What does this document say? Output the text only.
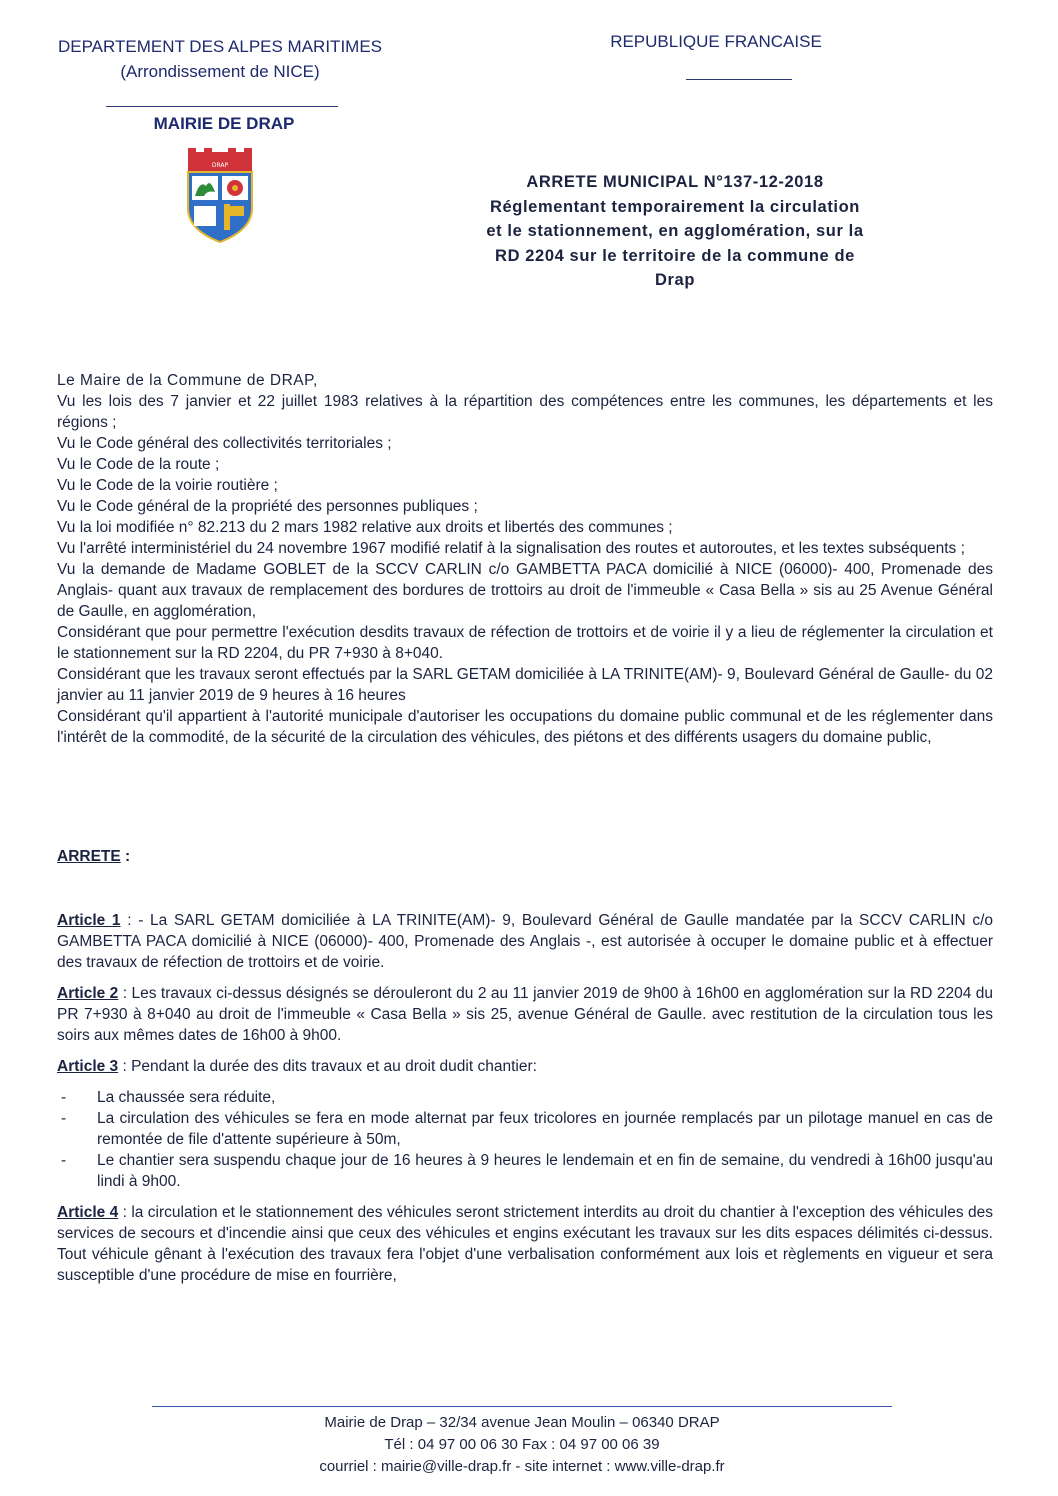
DEPARTEMENT DES ALPES MARITIMES
(Arrondissement de NICE)
MAIRIE DE DRAP
DRAP
REPUBLIQUE FRANCAISE
ARRETE MUNICIPAL N°137-12-2018
Réglementant temporairement la circulation
et le stationnement, en agglomération, sur la
RD 2204 sur le territoire de la commune de
Drap

Le Maire de la Commune de DRAP,

Vu les lois des 7 janvier et 22 juillet 1983 relatives à la répartition des compétences entre les communes, les départements et les régions ;

Vu le Code général des collectivités territoriales ;

Vu le Code de la route ;

Vu le Code de la voirie routière ;

Vu le Code général de la propriété des personnes publiques ;

Vu la loi modifiée n° 82.213 du 2 mars 1982 relative aux droits et libertés des communes ;

Vu l'arrêté interministériel du 24 novembre 1967 modifié relatif à la signalisation des routes et autoroutes, et les textes subséquents ;

Vu la demande de Madame GOBLET de la SCCV CARLIN c/o GAMBETTA PACA domicilié à NICE (06000)- 400, Promenade des Anglais- quant aux travaux de remplacement des bordures de trottoirs au droit de l'immeuble « Casa Bella » sis au 25 Avenue Général de Gaulle, en agglomération,

Considérant que pour permettre l'exécution desdits travaux de réfection de trottoirs et de voirie il y a lieu de réglementer la circulation et le stationnement sur la RD 2204, du PR 7+930 à 8+040.

Considérant que les travaux seront effectués par la SARL GETAM domiciliée à LA TRINITE(AM)- 9, Boulevard Général de Gaulle- du 02 janvier au 11 janvier 2019 de 9 heures à 16 heures

Considérant qu'il appartient à l'autorité municipale d'autoriser les occupations du domaine public communal et de les réglementer dans l'intérêt de la commodité, de la sécurité de la circulation des véhicules, des piétons et des différents usagers du domaine public,

ARRETE :

Article 1 : - La SARL GETAM domiciliée à LA TRINITE(AM)- 9, Boulevard Général de Gaulle mandatée par la SCCV CARLIN c/o GAMBETTA PACA domicilié à NICE (06000)- 400, Promenade des Anglais -, est autorisée à occuper le domaine public et à effectuer des travaux de réfection de trottoirs et de voirie.

Article 2 : Les travaux ci-dessus désignés se dérouleront du 2 au 11 janvier 2019 de 9h00 à 16h00 en agglomération sur la RD 2204 du PR 7+930 à 8+040 au droit de l'immeuble « Casa Bella » sis 25, avenue Général de Gaulle. avec restitution de la circulation tous les soirs aux mêmes dates de 16h00 à 9h00.

Article 3 : Pendant la durée des dits travaux et au droit dudit chantier:

-	La chaussée sera réduite,
-	La circulation des véhicules se fera en mode alternat par feux tricolores en journée remplacés par un pilotage manuel en cas de remontée de file d'attente supérieure à 50m,
-	Le chantier sera suspendu chaque jour de 16 heures à 9 heures le lendemain et en fin de semaine, du vendredi à 16h00 jusqu'au lindi à 9h00.

Article 4 : la circulation et le stationnement des véhicules seront strictement interdits au droit du chantier à l'exception des véhicules des services de secours et d'incendie ainsi que ceux des véhicules et engins exécutant les travaux sur les dits espaces délimités ci-dessus. Tout véhicule gênant à l'exécution des travaux fera l'objet d'une verbalisation conformément aux lois et règlements en vigueur et sera susceptible d'une procédure de mise en fourrière,

Mairie de Drap – 32/34 avenue Jean Moulin – 06340 DRAP
Tél : 04 97 00 06 30 Fax : 04 97 00 06 39
courriel : mairie@ville-drap.fr - site internet : www.ville-drap.fr
